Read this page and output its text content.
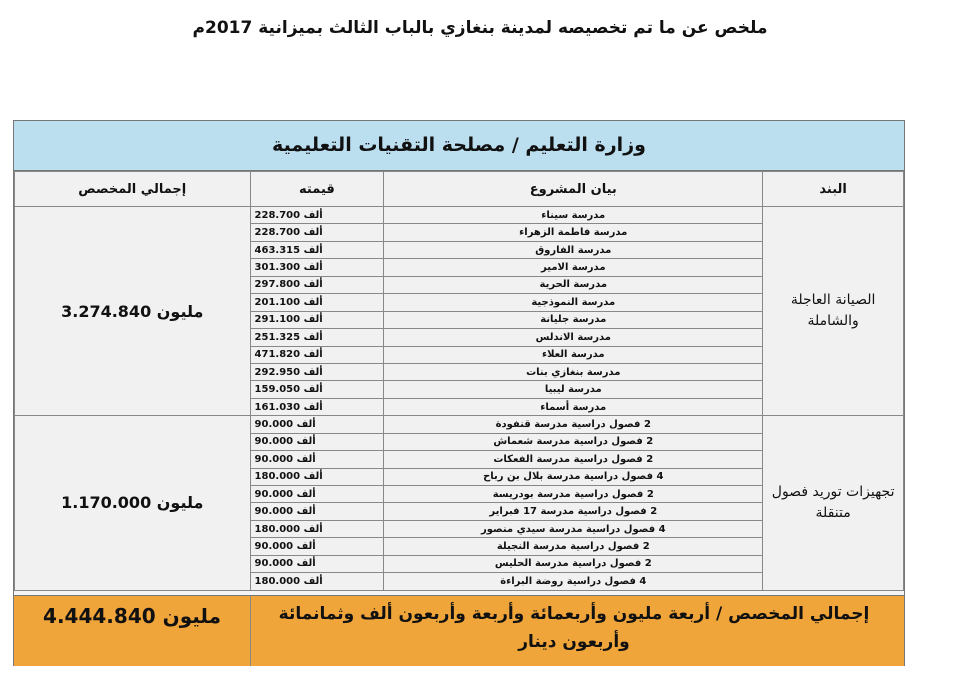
ملخص عن ما تم تخصيصه لمدينة بنغازي بالباب الثالث بميزانية 2017م
وزارة التعليم / مصلحة التقنيات التعليمية
إجمالي المخصص	قيمته	بيان المشروع	البند
3.274.840 مليون	228.700 ألف	مدرسة سيناء	الصيانة العاجلة والشاملة
	228.700 ألف	مدرسة فاطمة الزهراء	
	463.315 ألف	مدرسة الفاروق	
	301.300 ألف	مدرسة الامير	
	297.800 ألف	مدرسة الحرية	
	201.100 ألف	مدرسة النموذجية	
	291.100 ألف	مدرسة جليانة	
	251.325 ألف	مدرسة الاندلس	
	471.820 ألف	مدرسة العلاء	
	292.950 ألف	مدرسة بنغازي بنات	
	159.050 ألف	مدرسة ليبيا	
	161.030 ألف	مدرسة أسماء	
1.170.000 مليون	90.000 ألف	2 فصول دراسية مدرسة قنفودة	تجهيزات توريد فصول متنقلة
	90.000 ألف	2 فصول دراسية مدرسة شعماش	
	90.000 ألف	2 فصول دراسية مدرسة الفعكات	
	180.000 ألف	4 فصول دراسية مدرسة بلال بن رباح	
	90.000 ألف	2 فصول دراسية مدرسة بودريسة	
	90.000 ألف	2 فصول دراسية مدرسة 17 فبراير	
	180.000 ألف	4 فصول دراسية مدرسة سيدي منصور	
	90.000 ألف	2 فصول دراسية مدرسة النجيلة	
	90.000 ألف	2 فصول دراسية مدرسة الحليس	
	180.000 ألف	4 فصول دراسية روضة البراءة	
4.444.840 مليون	إجمالي المخصص / أربعة مليون وأربعمائة وأربعة وأربعون ألف وثمانمائة وأربعون دينار
